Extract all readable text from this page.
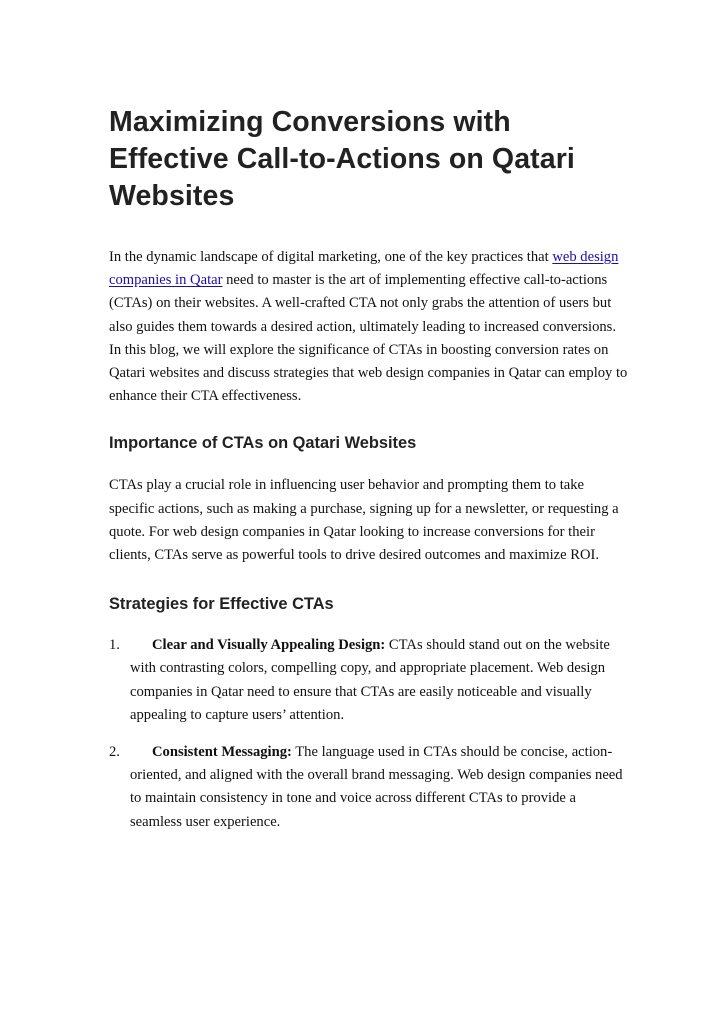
Maximizing Conversions with Effective Call-to-Actions on Qatari Websites

In the dynamic landscape of digital marketing, one of the key practices that web design companies in Qatar need to master is the art of implementing effective call-to-actions (CTAs) on their websites. A well-crafted CTA not only grabs the attention of users but also guides them towards a desired action, ultimately leading to increased conversions. In this blog, we will explore the significance of CTAs in boosting conversion rates on Qatari websites and discuss strategies that web design companies in Qatar can employ to enhance their CTA effectiveness.

Importance of CTAs on Qatari Websites

CTAs play a crucial role in influencing user behavior and prompting them to take specific actions, such as making a purchase, signing up for a newsletter, or requesting a quote. For web design companies in Qatar looking to increase conversions for their clients, CTAs serve as powerful tools to drive desired outcomes and maximize ROI.

Strategies for Effective CTAs
1. Clear and Visually Appealing Design: CTAs should stand out on the website with contrasting colors, compelling copy, and appropriate placement. Web design companies in Qatar need to ensure that CTAs are easily noticeable and visually appealing to capture users’ attention.
2. Consistent Messaging: The language used in CTAs should be concise, action-oriented, and aligned with the overall brand messaging. Web design companies need to maintain consistency in tone and voice across different CTAs to provide a seamless user experience.
